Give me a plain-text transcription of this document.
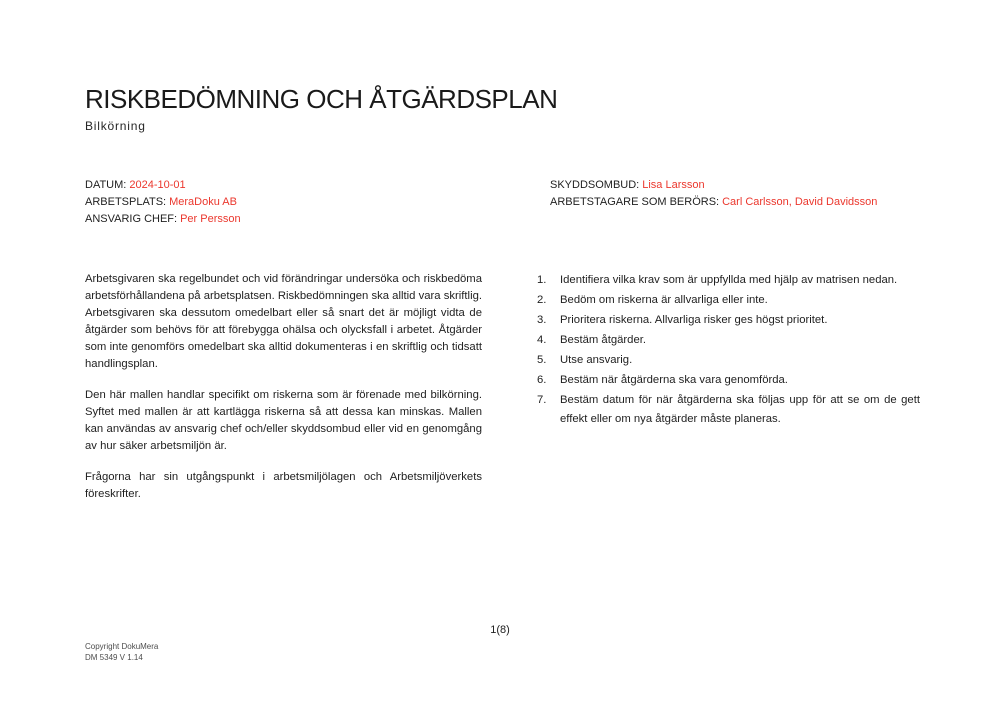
RISKBEDÖMNING OCH ÅTGÄRDSPLAN
Bilkörning
DATUM: 2024-10-01
ARBETSPLATS: MeraDoku AB
ANSVARIG CHEF: Per Persson
SKYDDSOMBUD: Lisa Larsson
ARBETSTAGARE SOM BERÖRS: Carl Carlsson, David Davidsson

Arbetsgivaren ska regelbundet och vid förändringar undersöka och riskbedöma arbetsförhållandena på arbetsplatsen. Riskbedömningen ska alltid vara skriftlig. Arbetsgivaren ska dessutom omedelbart eller så snart det är möjligt vidta de åtgärder som behövs för att förebygga ohälsa och olycksfall i arbetet. Åtgärder som inte genomförs omedelbart ska alltid dokumenteras i en skriftlig och tidsatt handlingsplan.

Den här mallen handlar specifikt om riskerna som är förenade med bilkörning. Syftet med mallen är att kartlägga riskerna så att dessa kan minskas. Mallen kan användas av ansvarig chef och/eller skyddsombud eller vid en genomgång av hur säker arbetsmiljön är.

Frågorna har sin utgångspunkt i arbetsmiljölagen och Arbetsmiljöverkets föreskrifter.

1.	Identifiera vilka krav som är uppfyllda med hjälp av matrisen nedan.
2.	Bedöm om riskerna är allvarliga eller inte.
3.	Prioritera riskerna. Allvarliga risker ges högst prioritet.
4.	Bestäm åtgärder.
5.	Utse ansvarig.
6.	Bestäm när åtgärderna ska vara genomförda.
7.	Bestäm datum för när åtgärderna ska följas upp för att se om de gett effekt eller om nya åtgärder måste planeras.
1(8)
Copyright DokuMera
DM 5349 V 1.14
